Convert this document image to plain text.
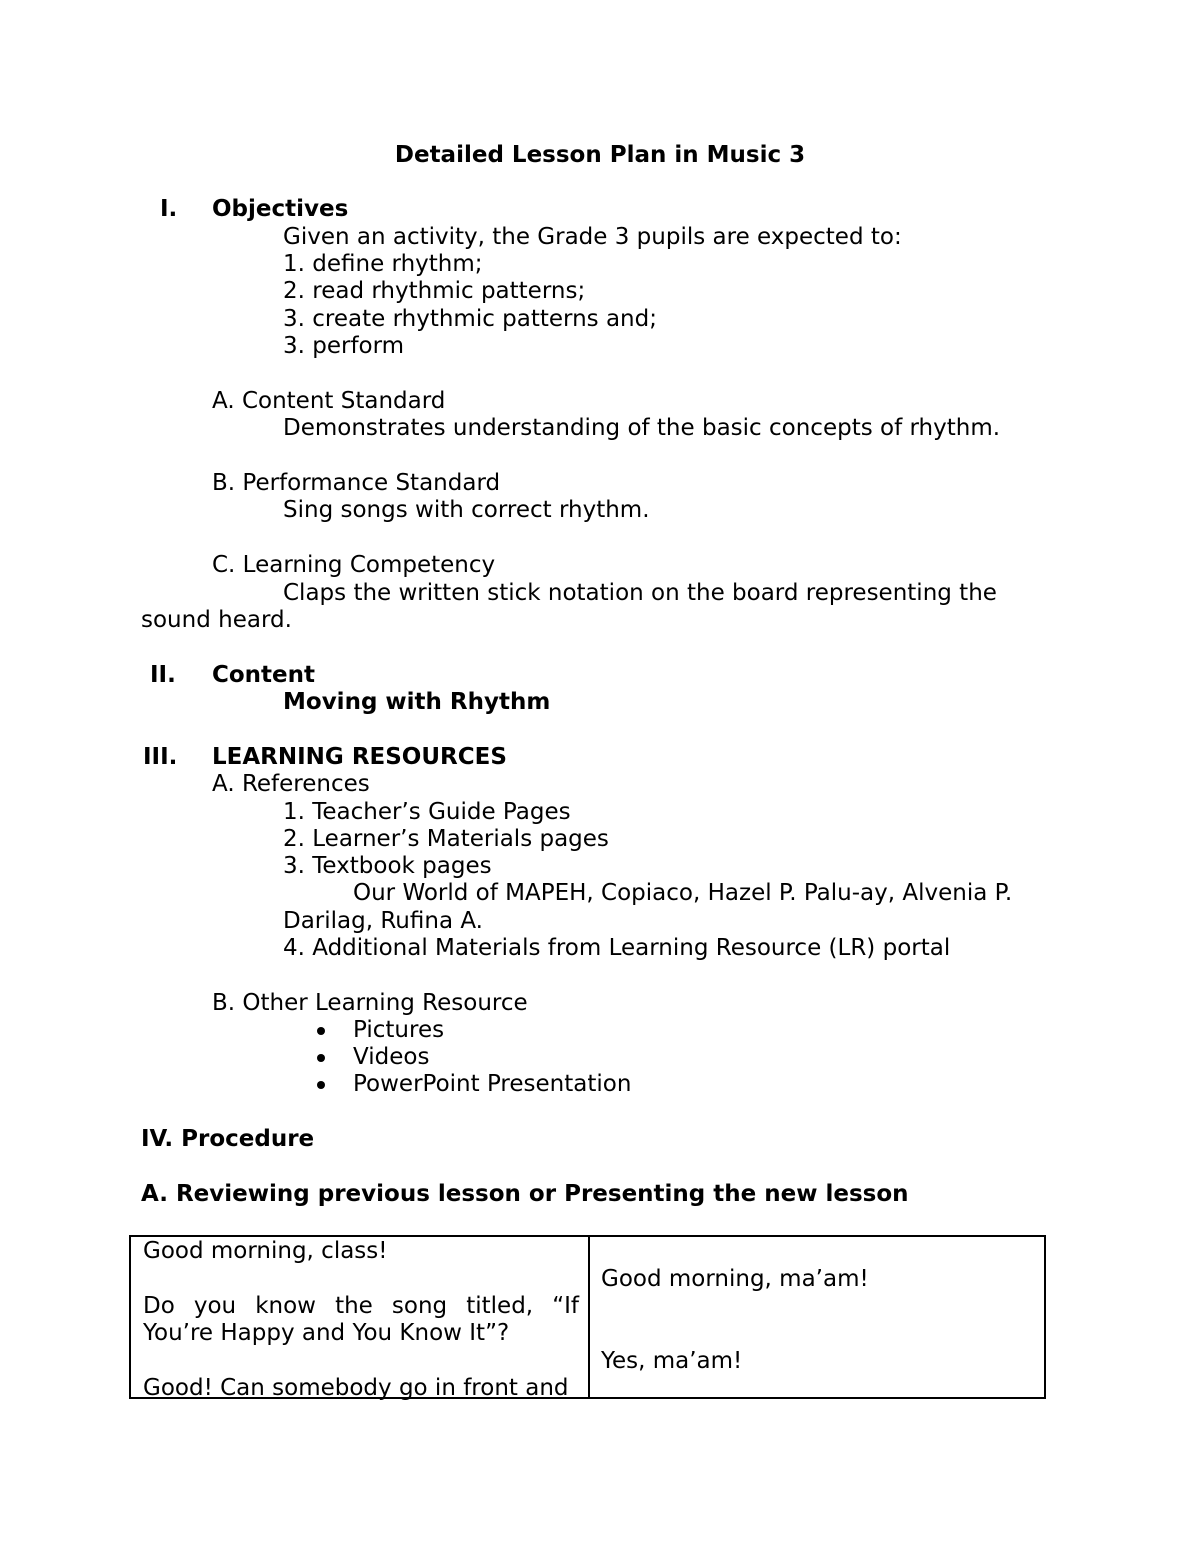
Detailed Lesson Plan in Music 3
I. Objectives
Given an activity, the Grade 3 pupils are expected to:
1. define rhythm;
2. read rhythmic patterns;
3. create rhythmic patterns and;
3. perform
A. Content Standard
Demonstrates understanding of the basic concepts of rhythm.
B. Performance Standard
Sing songs with correct rhythm.
C. Learning Competency
Claps the written stick notation on the board representing the
sound heard.
II. Content
Moving with Rhythm
III. LEARNING RESOURCES
A. References
1. Teacher’s Guide Pages
2. Learner’s Materials pages
3. Textbook pages
Our World of MAPEH, Copiaco, Hazel P. Palu-ay, Alvenia P.
Darilag, Rufina A.
4. Additional Materials from Learning Resource (LR) portal
B. Other Learning Resource
Pictures
Videos
PowerPoint Presentation
IV. Procedure
A. Reviewing previous lesson or Presenting the new lesson
Good morning, class!
Do you know the song titled, “If
You’re Happy and You Know It”?
Good! Can somebody go in front and
Good morning, ma’am!
Yes, ma’am!
